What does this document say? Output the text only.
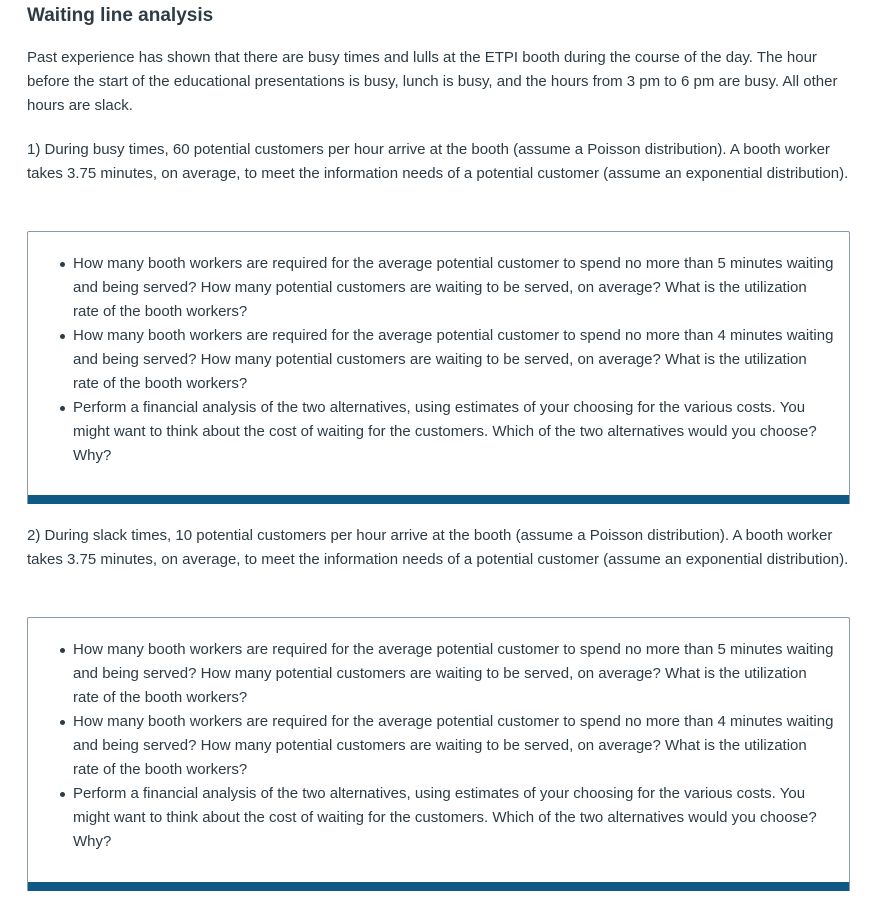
Waiting line analysis

Past experience has shown that there are busy times and lulls at the ETPI booth during the course of the day. The hour before the start of the educational presentations is busy, lunch is busy, and the hours from 3 pm to 6 pm are busy. All other hours are slack.

1) During busy times, 60 potential customers per hour arrive at the booth (assume a Poisson distribution). A booth worker takes 3.75 minutes, on average, to meet the information needs of a potential customer (assume an exponential distribution).

How many booth workers are required for the average potential customer to spend no more than 5 minutes waiting and being served? How many potential customers are waiting to be served, on average? What is the utilization rate of the booth workers?
How many booth workers are required for the average potential customer to spend no more than 4 minutes waiting and being served? How many potential customers are waiting to be served, on average? What is the utilization rate of the booth workers?
Perform a financial analysis of the two alternatives, using estimates of your choosing for the various costs. You might want to think about the cost of waiting for the customers. Which of the two alternatives would you choose? Why?

2) During slack times, 10 potential customers per hour arrive at the booth (assume a Poisson distribution). A booth worker takes 3.75 minutes, on average, to meet the information needs of a potential customer (assume an exponential distribution).

How many booth workers are required for the average potential customer to spend no more than 5 minutes waiting and being served? How many potential customers are waiting to be served, on average? What is the utilization rate of the booth workers?
How many booth workers are required for the average potential customer to spend no more than 4 minutes waiting and being served? How many potential customers are waiting to be served, on average? What is the utilization rate of the booth workers?
Perform a financial analysis of the two alternatives, using estimates of your choosing for the various costs. You might want to think about the cost of waiting for the customers. Which of the two alternatives would you choose? Why?
